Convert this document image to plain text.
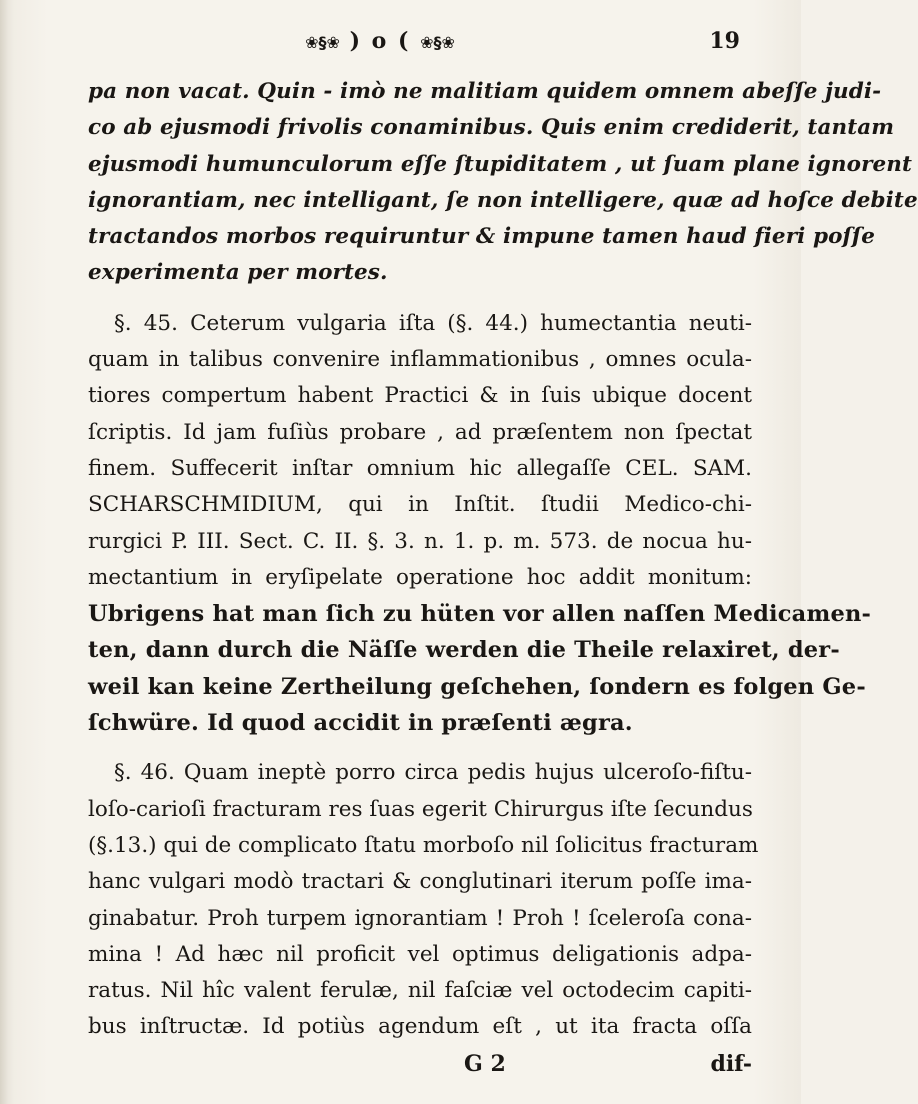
❀§❀ ) o ( ❀§❀	19
pa non vacat. Quin - imò ne malitiam quidem omnem abeſſe judi-
co ab ejusmodi frivolis conaminibus. Quis enim crediderit, tantam
ejusmodi humunculorum eſſe ſtupiditatem , ut ſuam plane ignorent
ignorantiam, nec intelligant, ſe non intelligere, quæ ad hoſce debite
tractandos morbos requiruntur & impune tamen haud fieri poſſe
experimenta per mortes.
§. 45. Ceterum vulgaria iſta (§. 44.) humectantia neuti-
quam in talibus convenire inflammationibus , omnes ocula-
tiores compertum habent Practici & in ſuis ubique docent
ſcriptis. Id jam fuſiùs probare , ad præſentem non ſpectat
finem. Suffecerit inſtar omnium hic allegaſſe CEL. SAM.
SCHARSCHMIDIUM, qui in Inſtit. ſtudii Medico-chi-
rurgici P. III. Sect. C. II. §. 3. n. 1. p. m. 573. de nocua hu-
mectantium in eryſipelate operatione hoc addit monitum:
Ubrigens hat man ſich zu hüten vor allen naſſen Medicamen-
ten, dann durch die Näſſe werden die Theile relaxiret, der-
weil kan keine Zertheilung geſchehen, ſondern es folgen Ge-
ſchwüre. Id quod accidit in præſenti ægra.
§. 46. Quam ineptè porro circa pedis hujus ulceroſo-fiſtu-
loſo-carioſi fracturam res ſuas egerit Chirurgus iſte ſecundus
(§.13.) qui de complicato ſtatu morboſo nil ſolicitus fracturam
hanc vulgari modò tractari & conglutinari iterum poſſe ima-
ginabatur. Proh turpem ignorantiam ! Proh ! ſceleroſa cona-
mina ! Ad hæc nil proficit vel optimus deligationis adpa-
ratus. Nil hîc valent ferulæ, nil faſciæ vel octodecim capiti-
bus inſtructæ. Id potiùs agendum eſt , ut ita fracta oſſa
G 2	dif-
